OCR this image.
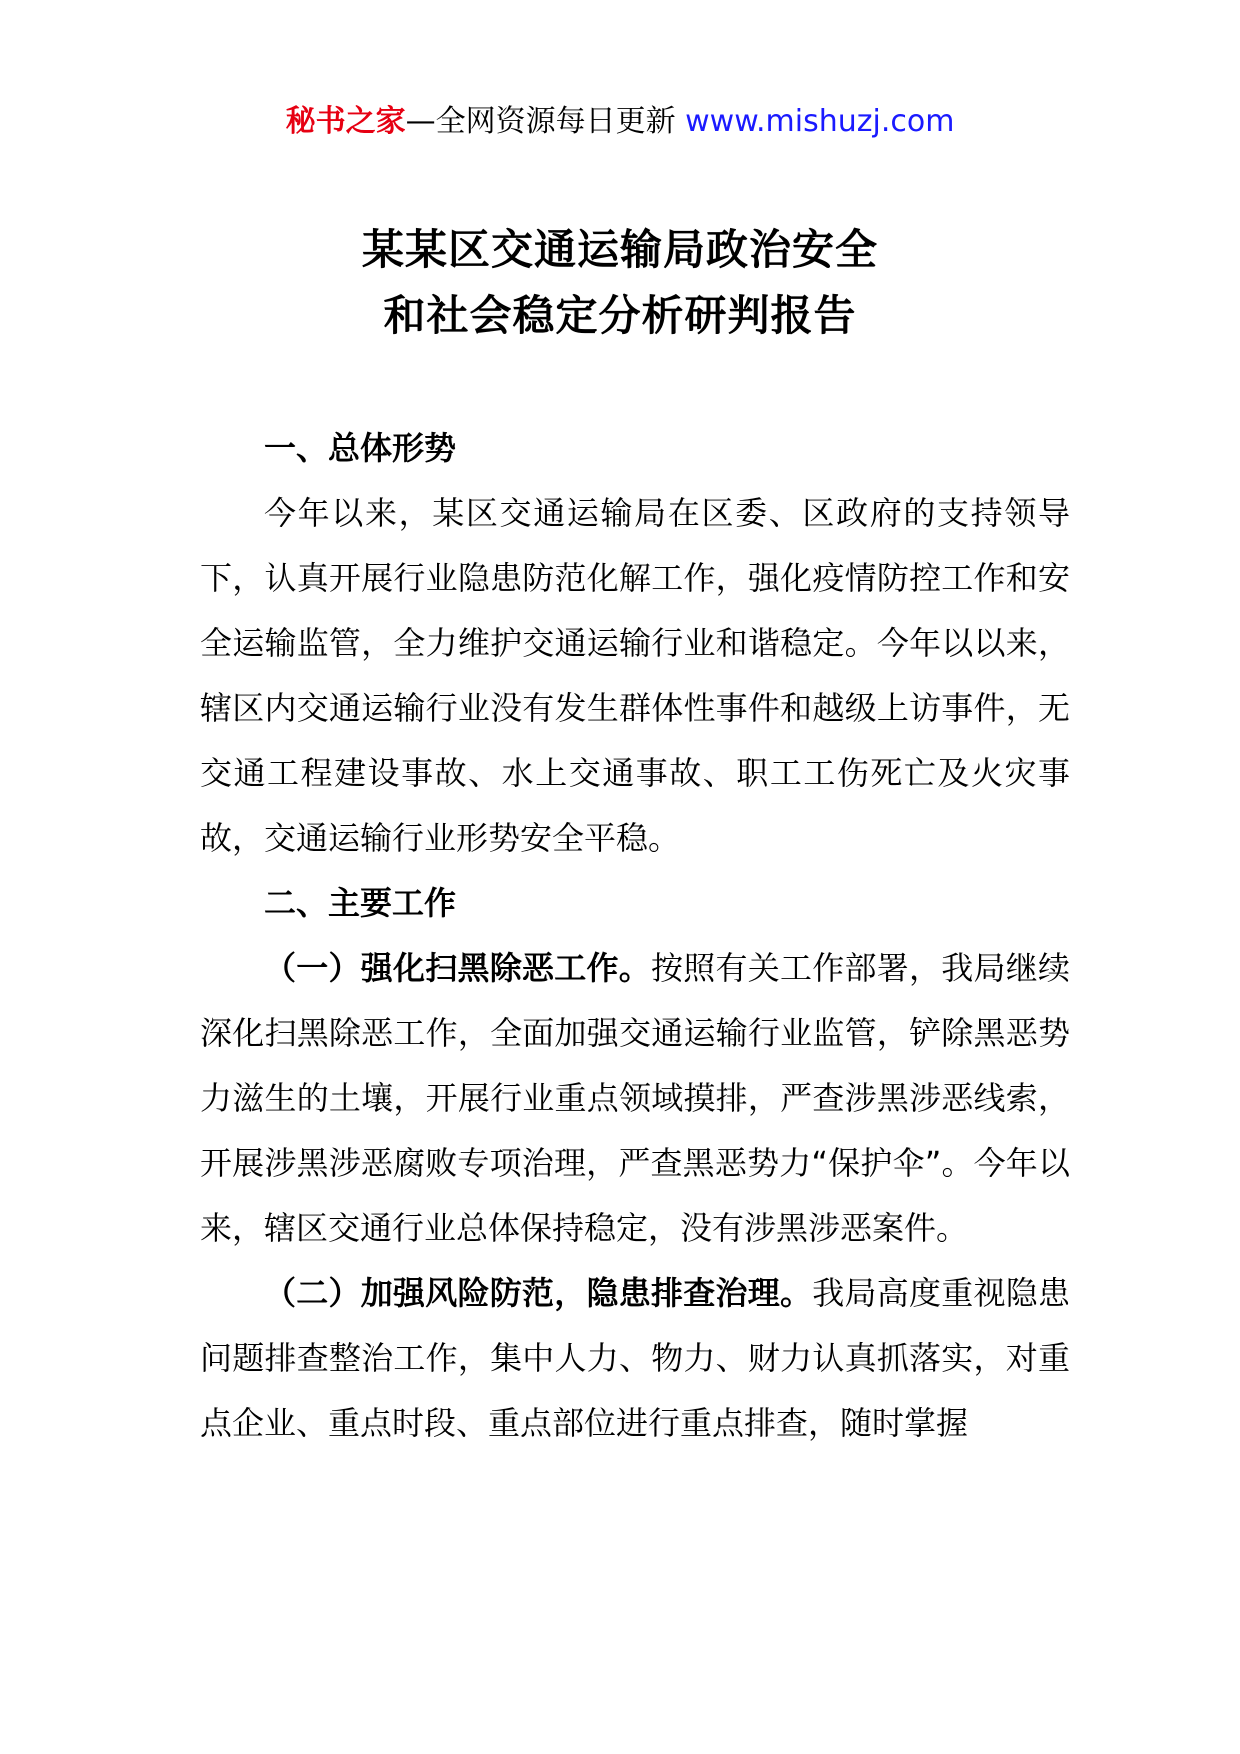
秘书之家—全网资源每日更新 www.mishuzj.com
某某区交通运输局政治安全
和社会稳定分析研判报告

一、总体形势

今年以来，某区交通运输局在区委、区政府的支持领导下，认真开展行业隐患防范化解工作，强化疫情防控工作和安全运输监管，全力维护交通运输行业和谐稳定。今年以以来，辖区内交通运输行业没有发生群体性事件和越级上访事件，无交通工程建设事故、水上交通事故、职工工伤死亡及火灾事故，交通运输行业形势安全平稳。

二、主要工作

（一）强化扫黑除恶工作。按照有关工作部署，我局继续深化扫黑除恶工作，全面加强交通运输行业监管，铲除黑恶势力滋生的土壤，开展行业重点领域摸排，严查涉黑涉恶线索，开展涉黑涉恶腐败专项治理，严查黑恶势力“保护伞”。今年以来，辖区交通行业总体保持稳定，没有涉黑涉恶案件。

（二）加强风险防范，隐患排查治理。我局高度重视隐患问题排查整治工作，集中人力、物力、财力认真抓落实，对重点企业、重点时段、重点部位进行重点排查，随时掌握
